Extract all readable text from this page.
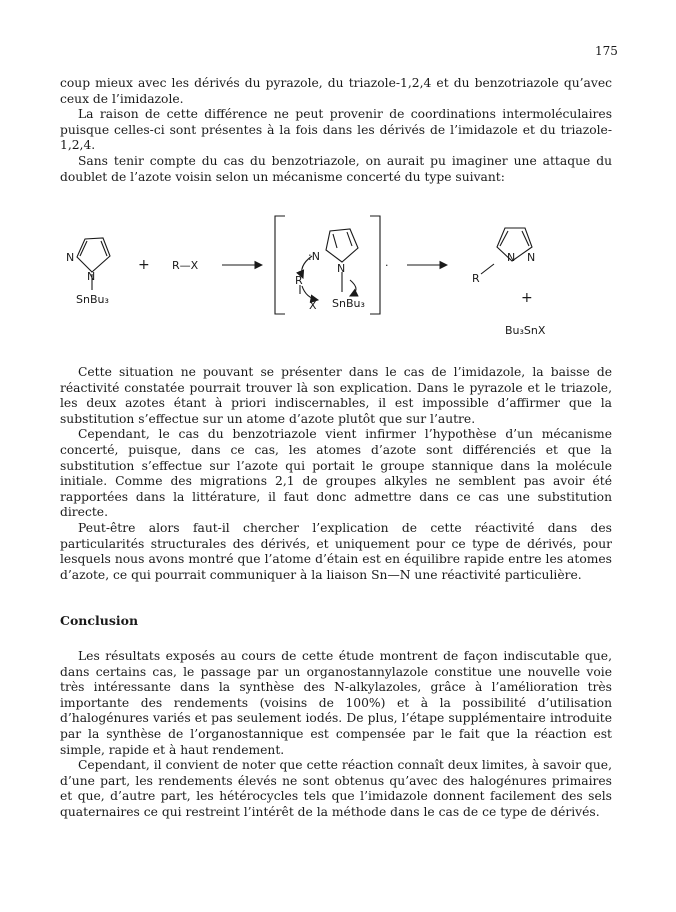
175

coup mieux avec les dérivés du pyrazole, du triazole-1,2,4 et du benzotriazole qu’avec ceux de l’imidazole.

La raison de cette différence ne peut provenir de coordinations intermoléculaires puisque celles-ci sont présentes à la fois dans les dérivés de l’imidazole et du triazole-1,2,4.

Sans tenir compte du cas du benzotriazole, on aurait pu imaginer une attaque du doublet de l’azote voisin selon un mécanisme concerté du type suivant:

N
N
SnBu₃
+ R—X
:N
N
R
X SnBu₃
·
N N
R
+
Bu₃SnX

Cette situation ne pouvant se présenter dans le cas de l’imidazole, la baisse de réactivité constatée pourrait trouver là son explication. Dans le pyrazole et le triazole, les deux azotes étant à priori indiscernables, il est impossible d’affirmer que la substitution s’effectue sur un atome d’azote plutôt que sur l’autre.

Cependant, le cas du benzotriazole vient infirmer l’hypothèse d’un mécanisme concerté, puisque, dans ce cas, les atomes d’azote sont différenciés et que la substitution s’effectue sur l’azote qui portait le groupe stannique dans la molécule initiale. Comme des migrations 2,1 de groupes alkyles ne semblent pas avoir été rapportées dans la littérature, il faut donc admettre dans ce cas une substitution directe.

Peut-être alors faut-il chercher l’explication de cette réactivité dans des particularités structurales des dérivés, et uniquement pour ce type de dérivés, pour lesquels nous avons montré que l’atome d’étain est en équilibre rapide entre les atomes d’azote, ce qui pourrait communiquer à la liaison Sn—N une réactivité particulière.

Conclusion

Les résultats exposés au cours de cette étude montrent de façon indiscutable que, dans certains cas, le passage par un organostannylazole constitue une nouvelle voie très intéressante dans la synthèse des N-alkylazoles, grâce à l’amélioration très importante des rendements (voisins de 100%) et à la possibilité d’utilisation d’halogénures variés et pas seulement iodés. De plus, l’étape supplémentaire introduite par la synthèse de l’organostannique est compensée par le fait que la réaction est simple, rapide et à haut rendement.

Cependant, il convient de noter que cette réaction connaît deux limites, à savoir que, d’une part, les rendements élevés ne sont obtenus qu’avec des halogénures primaires et que, d’autre part, les hétérocycles tels que l’imidazole donnent facilement des sels quaternaires ce qui restreint l’intérêt de la méthode dans le cas de ce type de dérivés.
